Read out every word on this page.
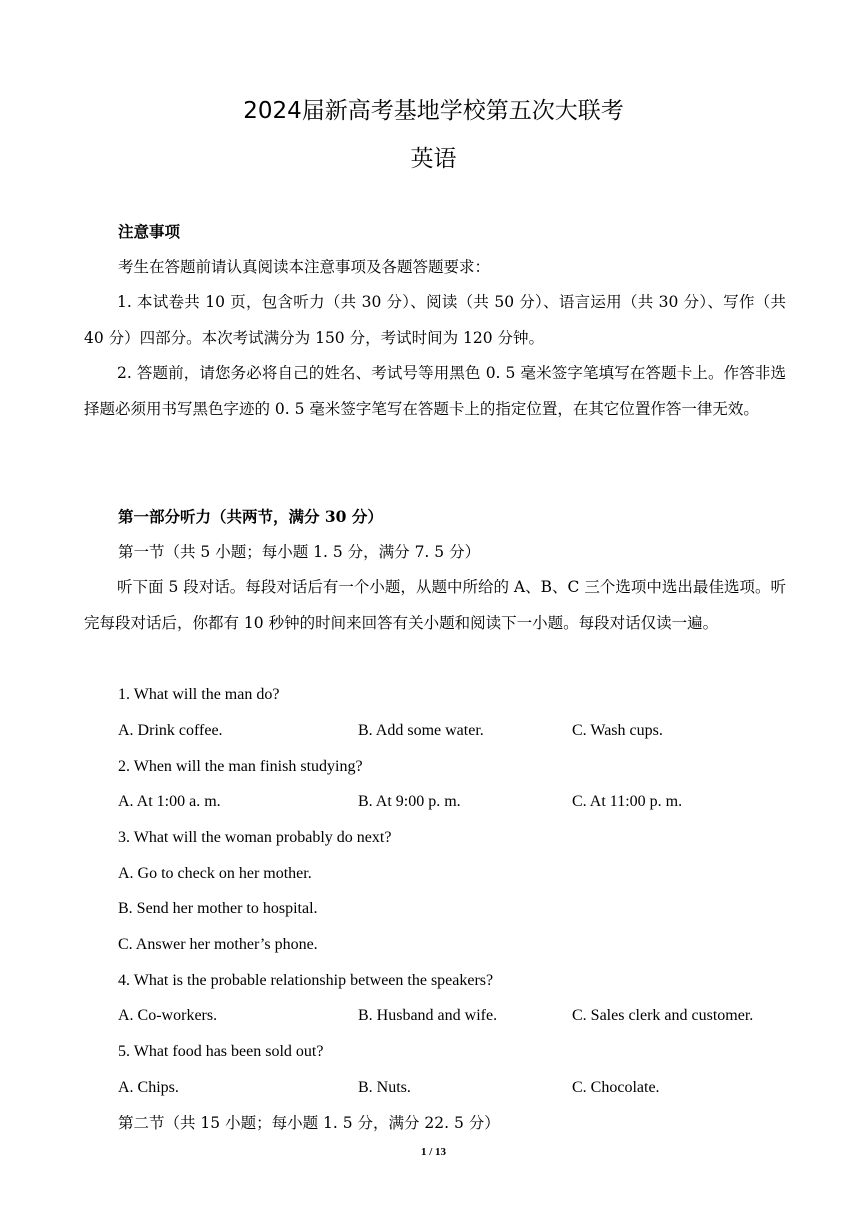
2024届新高考基地学校第五次大联考
英语
注意事项
考生在答题前请认真阅读本注意事项及各题答题要求：

1. 本试卷共 10 页，包含听力（共 30 分）、阅读（共 50 分）、语言运用（共 30 分）、写作（共 40 分）四部分。本次考试满分为 150 分，考试时间为 120 分钟。

2. 答题前，请您务必将自己的姓名、考试号等用黑色 0. 5 毫米签字笔填写在答题卡上。作答非选择题必须用书写黑色字迹的 0. 5 毫米签字笔写在答题卡上的指定位置，在其它位置作答一律无效。

第一部分听力（共两节，满分 30 分）
第一节（共 5 小题；每小题 1. 5 分，满分 7. 5 分）

听下面 5 段对话。每段对话后有一个小题，从题中所给的 A、B、C 三个选项中选出最佳选项。听完每段对话后，你都有 10 秒钟的时间来回答有关小题和阅读下一小题。每段对话仅读一遍。

1. What will the man do?
A. Drink coffee.	B. Add some water.	C. Wash cups.
2. When will the man finish studying?
A. At 1:00 a. m.	B. At 9:00 p. m.	C. At 11:00 p. m.
3. What will the woman probably do next?
A. Go to check on her mother.
B. Send her mother to hospital.
C. Answer her mother’s phone.
4. What is the probable relationship between the speakers?
A. Co-workers.	B. Husband and wife.	C. Sales clerk and customer.
5. What food has been sold out?
A. Chips.	B. Nuts.	C. Chocolate.
第二节（共 15 小题；每小题 1. 5 分，满分 22. 5 分）
1 / 13
